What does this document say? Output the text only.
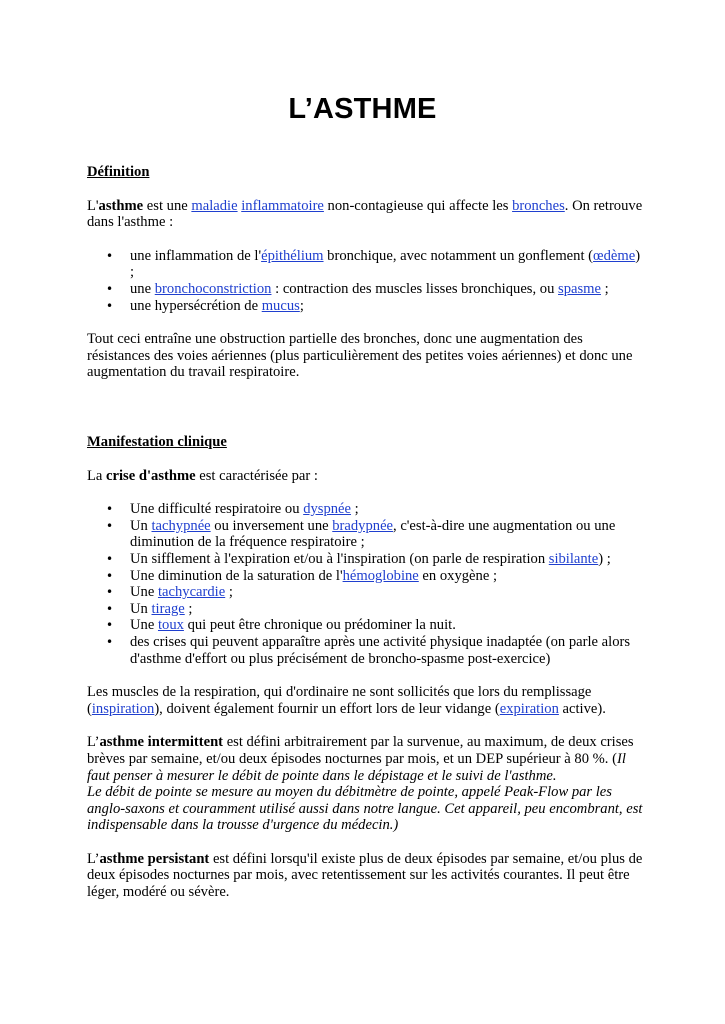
L’ASTHME

Définition

L'asthme est une maladie inflammatoire non-contagieuse qui affecte les bronches. On retrouve dans l'asthme :

• une inflammation de l'épithélium bronchique, avec notamment un gonflement (œdème) ;
• une bronchoconstriction : contraction des muscles lisses bronchiques, ou spasme ;
• une hypersécrétion de mucus;

Tout ceci entraîne une obstruction partielle des bronches, donc une augmentation des résistances des voies aériennes (plus particulièrement des petites voies aériennes) et donc une augmentation du travail respiratoire.

Manifestation clinique

La crise d'asthme est caractérisée par :

• Une difficulté respiratoire ou dyspnée ;
• Un tachypnée ou inversement une bradypnée, c'est-à-dire une augmentation ou une diminution de la fréquence respiratoire ;
• Un sifflement à l'expiration et/ou à l'inspiration (on parle de respiration sibilante) ;
• Une diminution de la saturation de l'hémoglobine en oxygène ;
• Une tachycardie ;
• Un tirage ;
• Une toux qui peut être chronique ou prédominer la nuit.
• des crises qui peuvent apparaître après une activité physique inadaptée (on parle alors d'asthme d'effort ou plus précisément de broncho-spasme post-exercice)

Les muscles de la respiration, qui d'ordinaire ne sont sollicités que lors du remplissage (inspiration), doivent également fournir un effort lors de leur vidange (expiration active).

L’asthme intermittent est défini arbitrairement par la survenue, au maximum, de deux crises brèves par semaine, et/ou deux épisodes nocturnes par mois, et un DEP supérieur à 80 %. (Il faut penser à mesurer le débit de pointe dans le dépistage et le suivi de l'asthme.
Le débit de pointe se mesure au moyen du débitmètre de pointe, appelé Peak-Flow par les anglo-saxons et couramment utilisé aussi dans notre langue. Cet appareil, peu encombrant, est indispensable dans la trousse d'urgence du médecin.)

L’asthme persistant est défini lorsqu'il existe plus de deux épisodes par semaine, et/ou plus de deux épisodes nocturnes par mois, avec retentissement sur les activités courantes. Il peut être léger, modéré ou sévère.
